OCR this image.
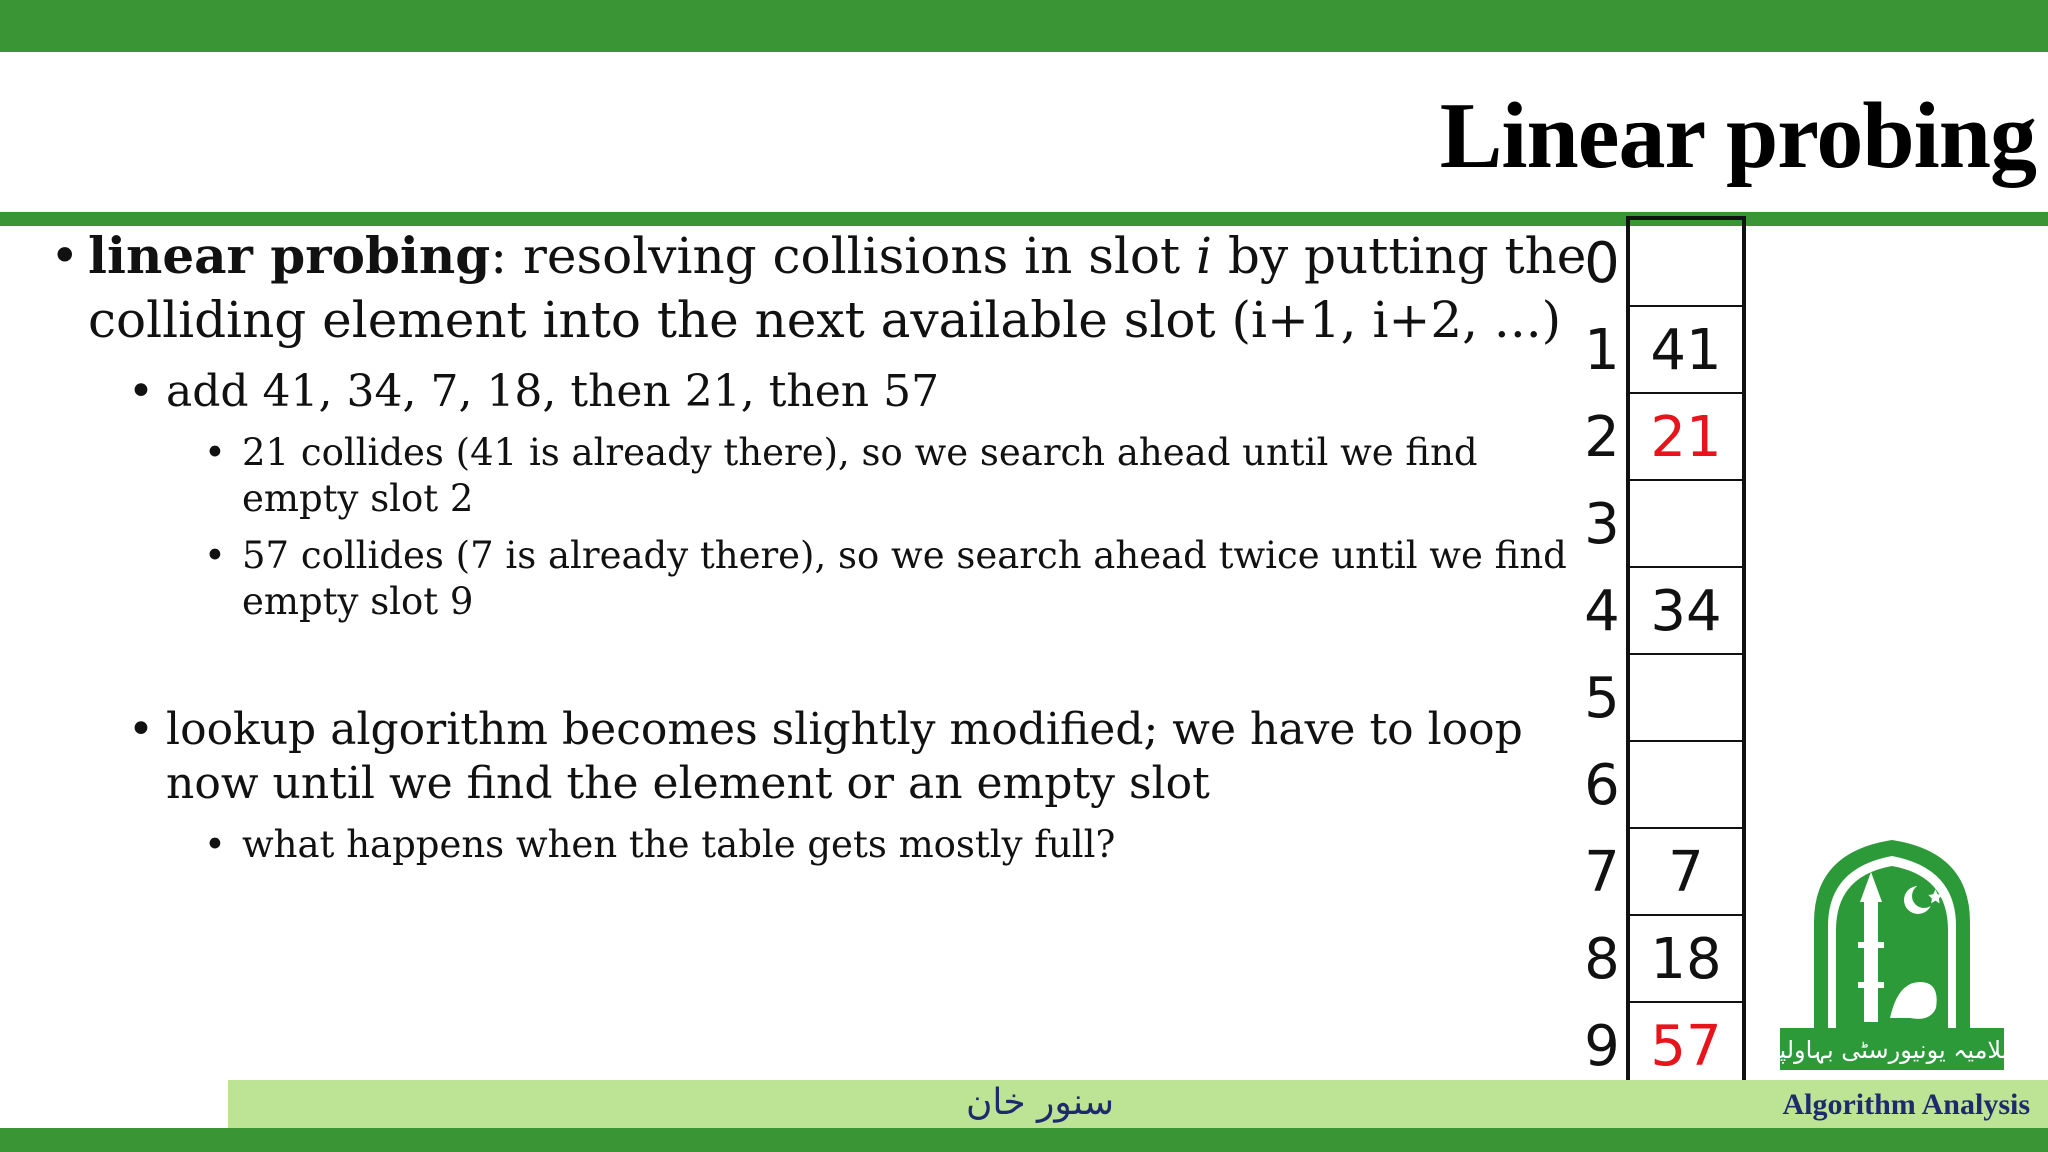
Linear probing
• linear probing: resolving collisions in slot i by putting the
colliding element into the next available slot (i+1, i+2, ...)
• add 41, 34, 7, 18, then 21, then 57
• 21 collides (41 is already there), so we search ahead until we find
empty slot 2
• 57 collides (7 is already there), so we search ahead twice until we find
empty slot 9
• lookup algorithm becomes slightly modified; we have to loop
now until we find the element or an empty slot
• what happens when the table gets mostly full?
0
1
2
3
4
5
6
7
8
9
41
21
34
7
18
57	اسلامیہ یونیورسٹی بہاولپور
سنور خان	Algorithm Analysis
